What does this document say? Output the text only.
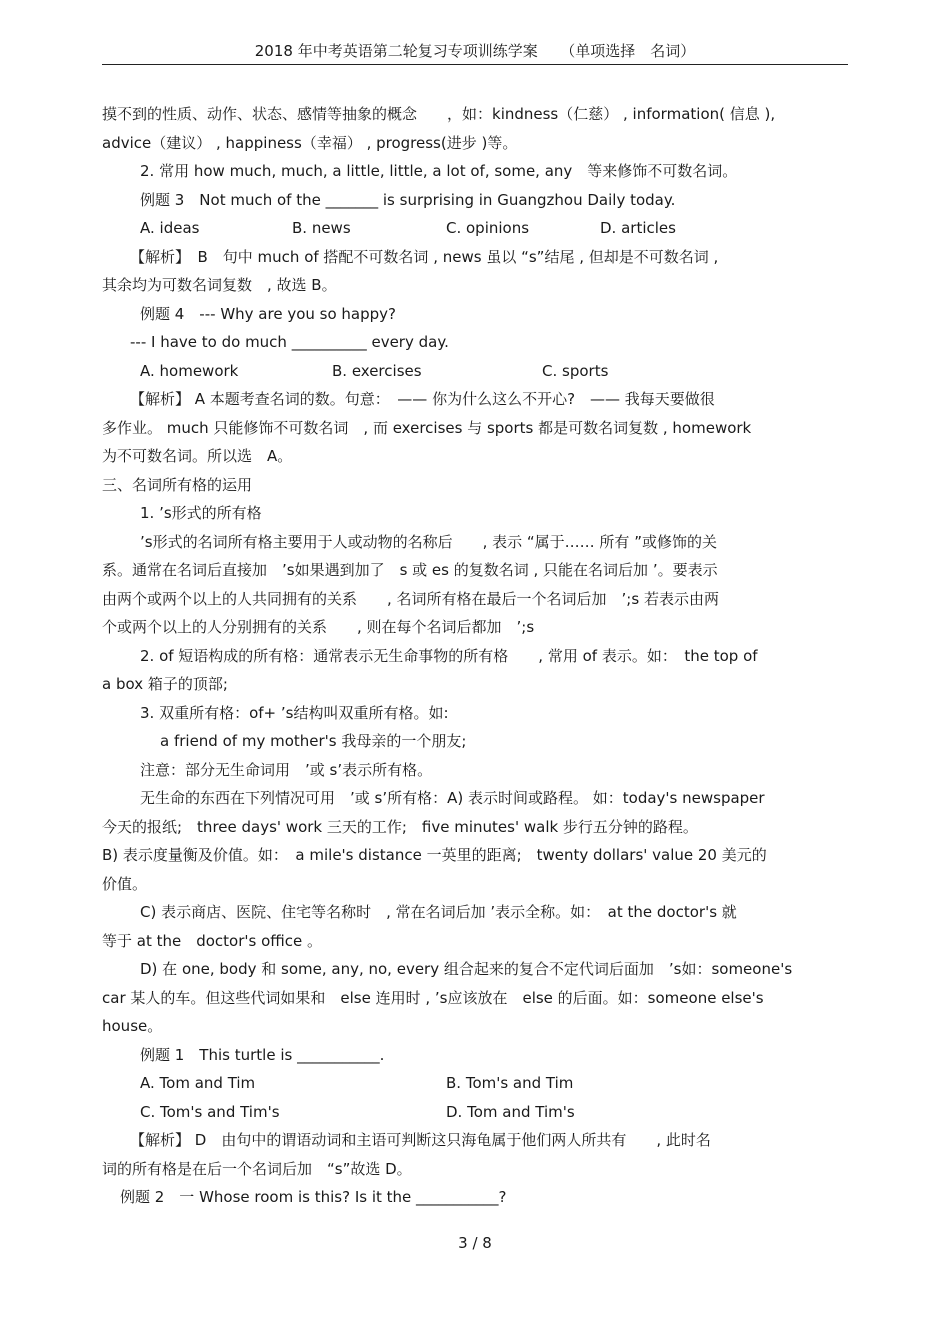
2018 年中考英语第二轮复习专项训练学案　　（单项选择　名词）
摸不到的性质、动作、状态、感情等抽象的概念　　，如：kindness（仁慈） , information( 信息 ),
advice（建议） , happiness（幸福） , progress(进步 )等。
2. 常用 how much, much, a little, little, a lot of, some, any　等来修饰不可数名词。
例题 3　Not much of the _______ is surprising in Guangzhou Daily today.
A. ideas	B. news	C. opinions	D. articles
【解析】　B　句中 much of 搭配不可数名词 , news 虽以 “s”结尾 , 但却是不可数名词 ,
其余均为可数名词复数　, 故选 B。
例题 4　--- Why are you so happy?
--- I have to do much __________ every day.
A. homework	B. exercises	C. sports
【解析】 A 本题考查名词的数。句意：　—— 你为什么这么不开心?　—— 我每天要做很
多作业。 much 只能修饰不可数名词　, 而 exercises 与 sports 都是可数名词复数 , homework
为不可数名词。所以选　A。
三、名词所有格的运用
1. ’s形式的所有格
’s形式的名词所有格主要用于人或动物的名称后　　, 表示 “属于…… 所有 ”或修饰的关
系。通常在名词后直接加　’s如果遇到加了　s 或 es 的复数名词 , 只能在名词后加 ’。要表示
由两个或两个以上的人共同拥有的关系　　, 名词所有格在最后一个名词后加　’;s 若表示由两
个或两个以上的人分别拥有的关系　　, 则在每个名词后都加　’;s
2. of 短语构成的所有格：通常表示无生命事物的所有格　　, 常用 of 表示。如：　the top of
a box 箱子的顶部;
3. 双重所有格：of+ ’s结构叫双重所有格。如:
a friend of my mother's 我母亲的一个朋友;
注意：部分无生命词用　’或 s’表示所有格。
无生命的东西在下列情况可用　’或 s’所有格：A) 表示时间或路程。 如：today's newspaper
今天的报纸;　three days' work 三天的工作;　five minutes' walk 步行五分钟的路程。
B) 表示度量衡及价值。如：　a mile's distance 一英里的距离;　twenty dollars' value 20 美元的
价值。
C) 表示商店、医院、住宅等名称时　, 常在名词后加 ’表示全称。如：　at the doctor's 就
等于 at the　doctor's office 。
D) 在 one, body 和 some, any, no, every 组合起来的复合不定代词后面加　’s如：someone's
car 某人的车。但这些代词如果和　else 连用时 , ’s应该放在　else 的后面。如：someone else's
house。
例题 1　This turtle is ___________.
A. Tom and Tim	B. Tom's and Tim
C. Tom's and Tim's	D. Tom and Tim's
【解析】 D　由句中的谓语动词和主语可判断这只海龟属于他们两人所共有　　, 此时名
词的所有格是在后一个名词后加　“s”故选 D。
例题 2　一 Whose room is this? Is it the ___________?
3 / 8
